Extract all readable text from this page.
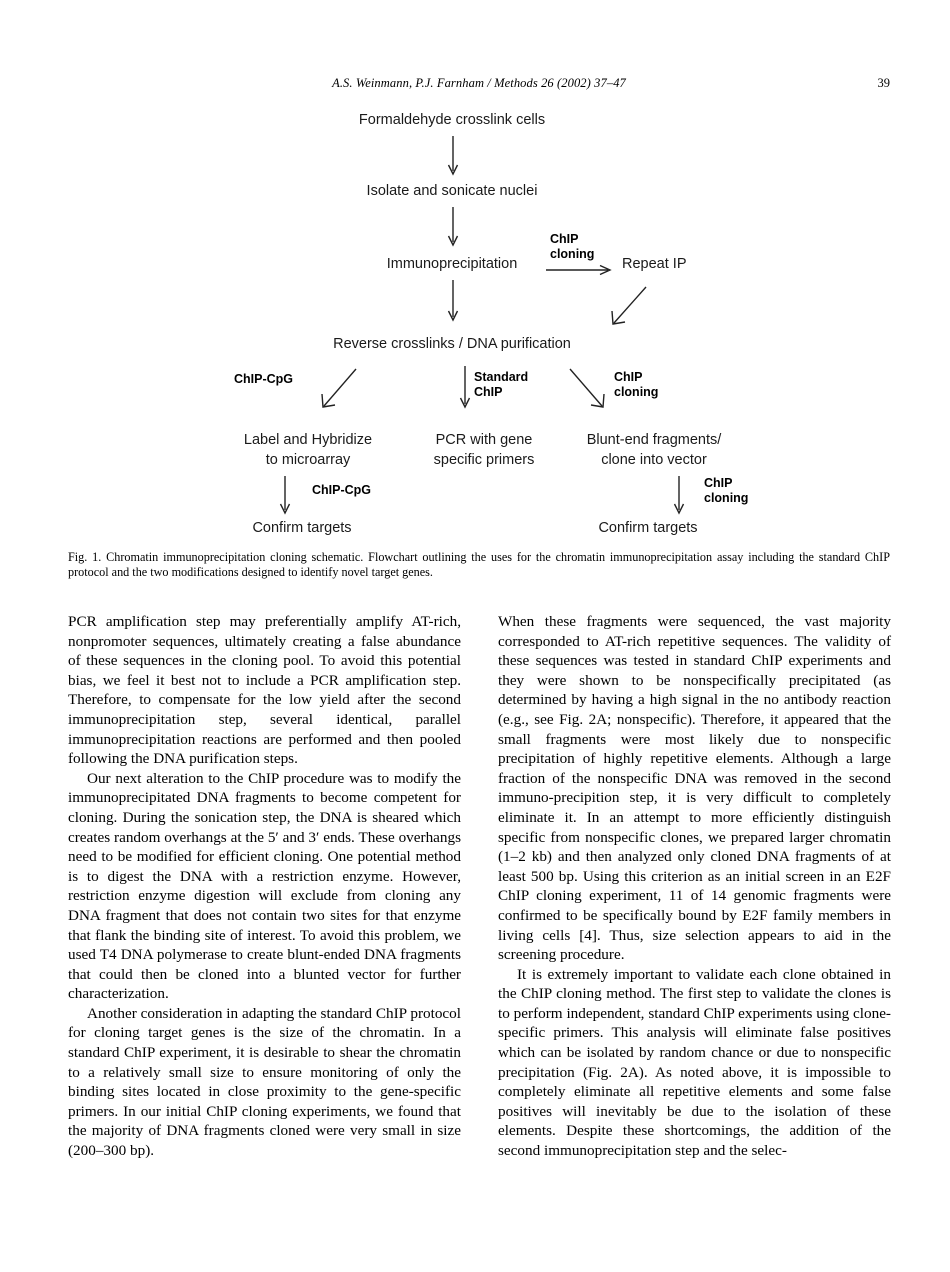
A.S. Weinmann, P.J. Farnham / Methods 26 (2002) 37–47	39
Formaldehyde crosslink cells
Isolate and sonicate nuclei
Immunoprecipitation
ChIP
cloning
Repeat IP
Reverse crosslinks / DNA purification
ChIP-CpG	Standard
ChIP
ChIP
cloning
Label and Hybridize
to microarray
PCR with gene
specific primers
Blunt-end fragments/
clone into vector
ChIP-CpG	ChIP
cloning
Confirm targets	Confirm targets
Fig. 1. Chromatin immunoprecipitation cloning schematic. Flowchart outlining the uses for the chromatin immunoprecipitation assay including the standard ChIP protocol and the two modifications designed to identify novel target genes.

PCR amplification step may preferentially amplify AT-rich, nonpromoter sequences, ultimately creating a false abundance of these sequences in the cloning pool. To avoid this potential bias, we feel it best not to include a PCR amplification step. Therefore, to compensate for the low yield after the second immunoprecipitation step, several identical, parallel immunoprecipitation reactions are performed and then pooled following the DNA purification steps.

Our next alteration to the ChIP procedure was to modify the immunoprecipitated DNA fragments to become competent for cloning. During the sonication step, the DNA is sheared which creates random overhangs at the 5′ and 3′ ends. These overhangs need to be modified for efficient cloning. One potential method is to digest the DNA with a restriction enzyme. However, restriction enzyme digestion will exclude from cloning any DNA fragment that does not contain two sites for that enzyme that flank the binding site of interest. To avoid this problem, we used T4 DNA polymerase to create blunt-ended DNA fragments that could then be cloned into a blunted vector for further characterization.

Another consideration in adapting the standard ChIP protocol for cloning target genes is the size of the chromatin. In a standard ChIP experiment, it is desirable to shear the chromatin to a relatively small size to ensure monitoring of only the binding sites located in close proximity to the gene-specific primers. In our initial ChIP cloning experiments, we found that the majority of DNA fragments cloned were very small in size (200–300 bp).

When these fragments were sequenced, the vast majority corresponded to AT-rich repetitive sequences. The validity of these sequences was tested in standard ChIP experiments and they were shown to be nonspecifically precipitated (as determined by having a high signal in the no antibody reaction (e.g., see Fig. 2A; nonspecific). Therefore, it appeared that the small fragments were most likely due to nonspecific precipitation of highly repetitive elements. Although a large fraction of the nonspecific DNA was removed in the second immuno-precipition step, it is very difficult to completely eliminate it. In an attempt to more efficiently distinguish specific from nonspecific clones, we prepared larger chromatin (1–2 kb) and then analyzed only cloned DNA fragments of at least 500 bp. Using this criterion as an initial screen in an E2F ChIP cloning experiment, 11 of 14 genomic fragments were confirmed to be specifically bound by E2F family members in living cells [4]. Thus, size selection appears to aid in the screening procedure.

It is extremely important to validate each clone obtained in the ChIP cloning method. The first step to validate the clones is to perform independent, standard ChIP experiments using clone-specific primers. This analysis will eliminate false positives which can be isolated by random chance or due to nonspecific precipitation (Fig. 2A). As noted above, it is impossible to completely eliminate all repetitive elements and some false positives will inevitably be due to the isolation of these elements. Despite these shortcomings, the addition of the second immunoprecipitation step and the selec-
